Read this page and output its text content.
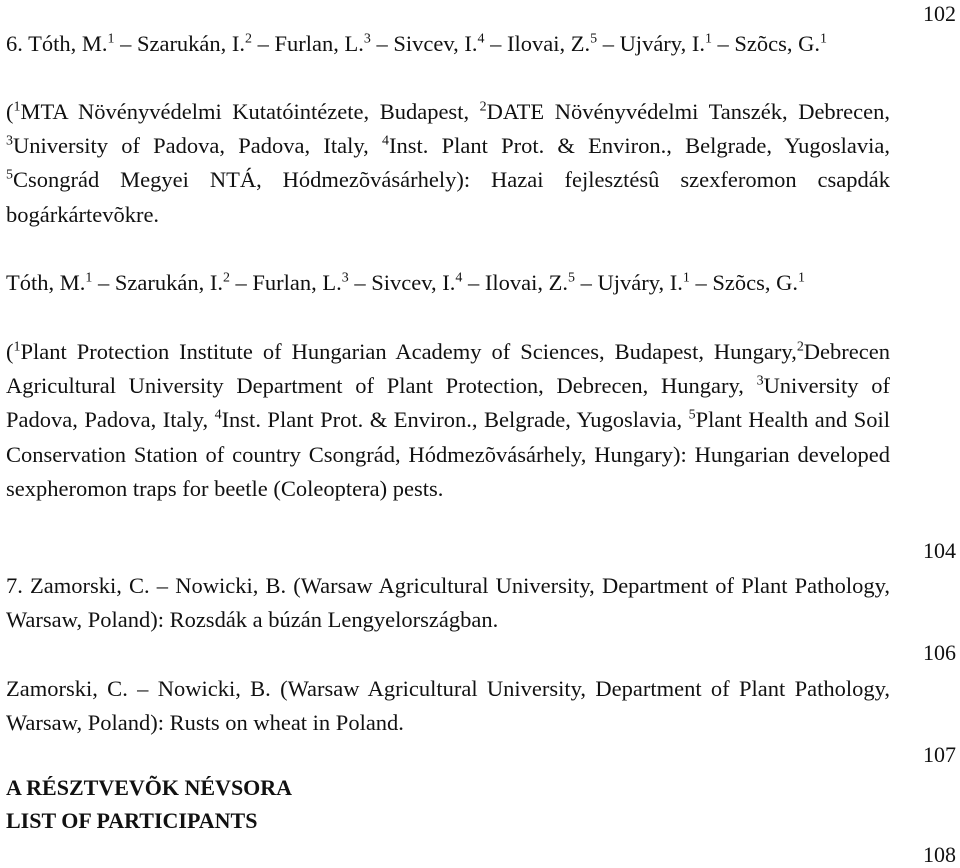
6. Tóth, M.$^1$ – Szarukán, I.$^2$ – Furlan, L.$^3$ – Sivcev, I.$^4$ – Ilovai, Z.$^5$ – Ujváry, I.$^1$ – Szõcs, G.$^1$

($^1$MTA Növényvédelmi Kutatóintézete, Budapest, $^2$DATE Növényvédelmi Tanszék, Debrecen, $^3$University of Padova, Padova, Italy, $^4$Inst. Plant Prot. & Environ., Belgrade, Yugoslavia, $^5$Csongrád Megyei NTÁ, Hódmezõvásárhely): Hazai fejlesztésû szexferomon csapdák bogárkártevõkre.

Tóth, M.$^1$ – Szarukán, I.$^2$ – Furlan, L.$^3$ – Sivcev, I.$^4$ – Ilovai, Z.$^5$ – Ujváry, I.$^1$ – Szõcs, G.$^1$

($^1$Plant Protection Institute of Hungarian Academy of Sciences, Budapest, Hungary,$^2$Debrecen Agricultural University Department of Plant Protection, Debrecen, Hungary, $^3$University of Padova, Padova, Italy, $^4$Inst. Plant Prot. & Environ., Belgrade, Yugoslavia, $^5$Plant Health and Soil Conservation Station of country Csongrád, Hódmezõvásárhely, Hungary): Hungarian developed sexpheromon traps for beetle (Coleoptera) pests.

7. Zamorski, C. – Nowicki, B. (Warsaw Agricultural University, Department of Plant Pathology, Warsaw, Poland): Rozsdák a búzán Lengyelországban.

Zamorski, C. – Nowicki, B. (Warsaw Agricultural University, Department of Plant Pathology, Warsaw, Poland): Rusts on wheat in Poland.

A RÉSZTVEVÕK NÉVSORA
LIST OF PARTICIPANTS
102
104
106
107
108
